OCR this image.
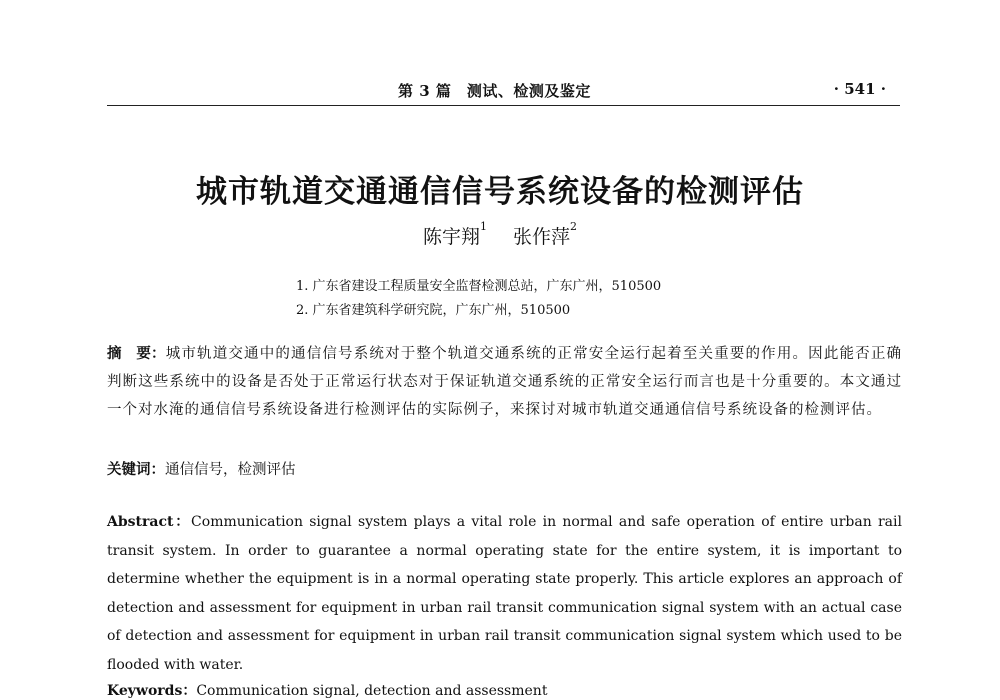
第 3 篇　测试、检测及鉴定	· 541 ·
城市轨道交通通信信号系统设备的检测评估
陈宇翔$^1$ 张作萍$^2$
1. 广东省建设工程质量安全监督检测总站，广东广州，510500
2. 广东省建筑科学研究院，广东广州，510500
摘　要：城市轨道交通中的通信信号系统对于整个轨道交通系统的正常安全运行起着至关重要的作用。因此能否正确判断这些系统中的设备是否处于正常运行状态对于保证轨道交通系统的正常安全运行而言也是十分重要的。本文通过一个对水淹的通信信号系统设备进行检测评估的实际例子，来探讨对城市轨道交通通信信号系统设备的检测评估。
关键词：通信信号，检测评估
Abstract：Communication signal system plays a vital role in normal and safe operation of entire urban rail transit system. In order to guarantee a normal operating state for the entire system, it is important to determine whether the equipment is in a normal operating state properly. This article explores an approach of detection and assessment for equipment in urban rail transit communication signal system with an actual case of detection and assessment for equipment in urban rail transit communication signal system which used to be flooded with water.
Keywords：Communication signal, detection and assessment
